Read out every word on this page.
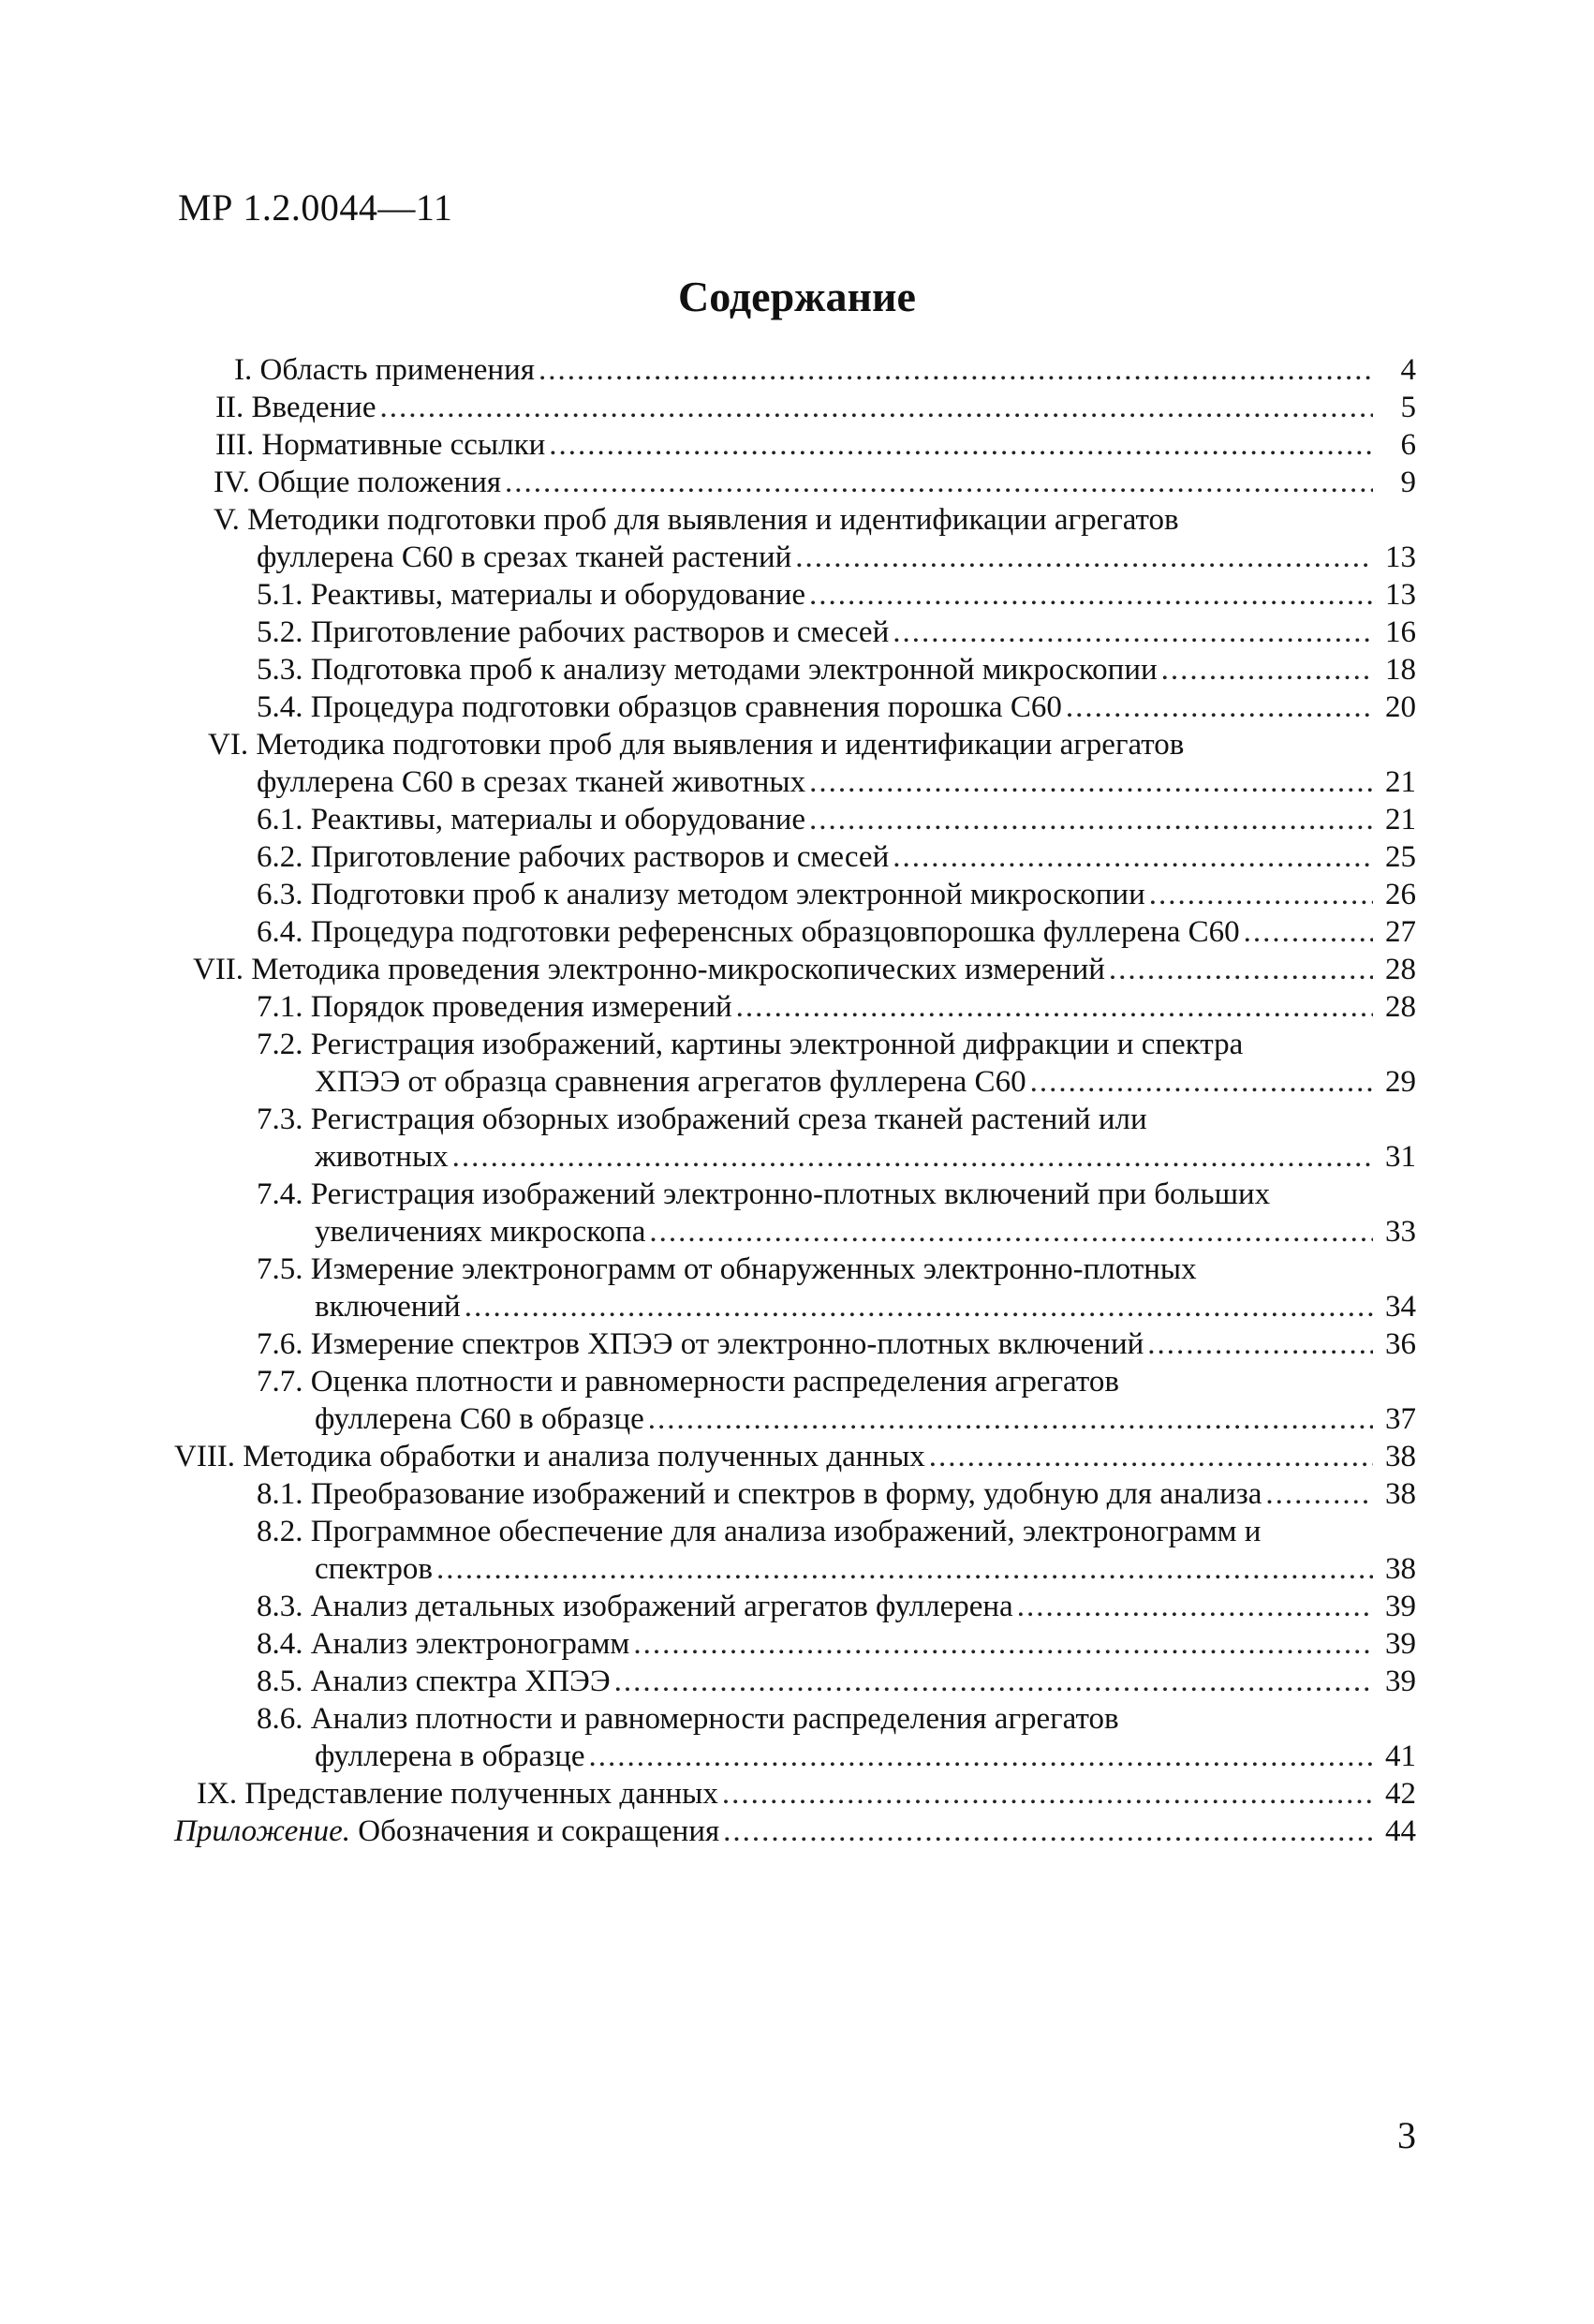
МР 1.2.0044—11
Содержание
I. Область применения .....	4
II. Введение .....	5
III. Нормативные ссылки .....	6
IV. Общие положения .....	9
V. Методики подготовки проб для выявления и идентификации агрегатов
фуллерена С60 в срезах тканей растений .....	13
5.1. Реактивы, материалы и оборудование .....	13
5.2. Приготовление рабочих растворов и смесей .....	16
5.3. Подготовка проб к анализу методами электронной микроскопии .....	18
5.4. Процедура подготовки образцов сравнения порошка С60 .....	20
VI. Методика подготовки проб для выявления и идентификации агрегатов
фуллерена С60 в срезах тканей животных .....	21
6.1. Реактивы, материалы и оборудование .....	21
6.2. Приготовление рабочих растворов и смесей .....	25
6.3. Подготовки проб к анализу методом электронной микроскопии .....	26
6.4. Процедура подготовки референсных образцовпорошка фуллерена С60 .....	27
VII. Методика проведения электронно-микроскопических измерений .....	28
7.1. Порядок проведения измерений .....	28
7.2. Регистрация изображений, картины электронной дифракции и спектра
ХПЭЭ от образца сравнения агрегатов фуллерена С60 .....	29
7.3. Регистрация обзорных изображений среза тканей растений или
животных .....	31
7.4. Регистрация изображений электронно-плотных включений при больших
увеличениях микроскопа .....	33
7.5. Измерение электронограмм от обнаруженных электронно-плотных
включений .....	34
7.6. Измерение спектров ХПЭЭ от электронно-плотных включений .....	36
7.7. Оценка плотности и равномерности распределения агрегатов
фуллерена С60 в образце .....	37
VIII. Методика обработки и анализа полученных данных .....	38
8.1. Преобразование изображений и спектров в форму, удобную для анализа .....	38
8.2. Программное обеспечение для анализа изображений, электронограмм и
спектров .....	38
8.3. Анализ детальных изображений агрегатов фуллерена .....	39
8.4. Анализ электронограмм .....	39
8.5. Анализ спектра ХПЭЭ .....	39
8.6. Анализ плотности и равномерности распределения агрегатов
фуллерена в образце .....	41
IX. Представление полученных данных .....	42
Приложение. Обозначения и сокращения .....	44
3
